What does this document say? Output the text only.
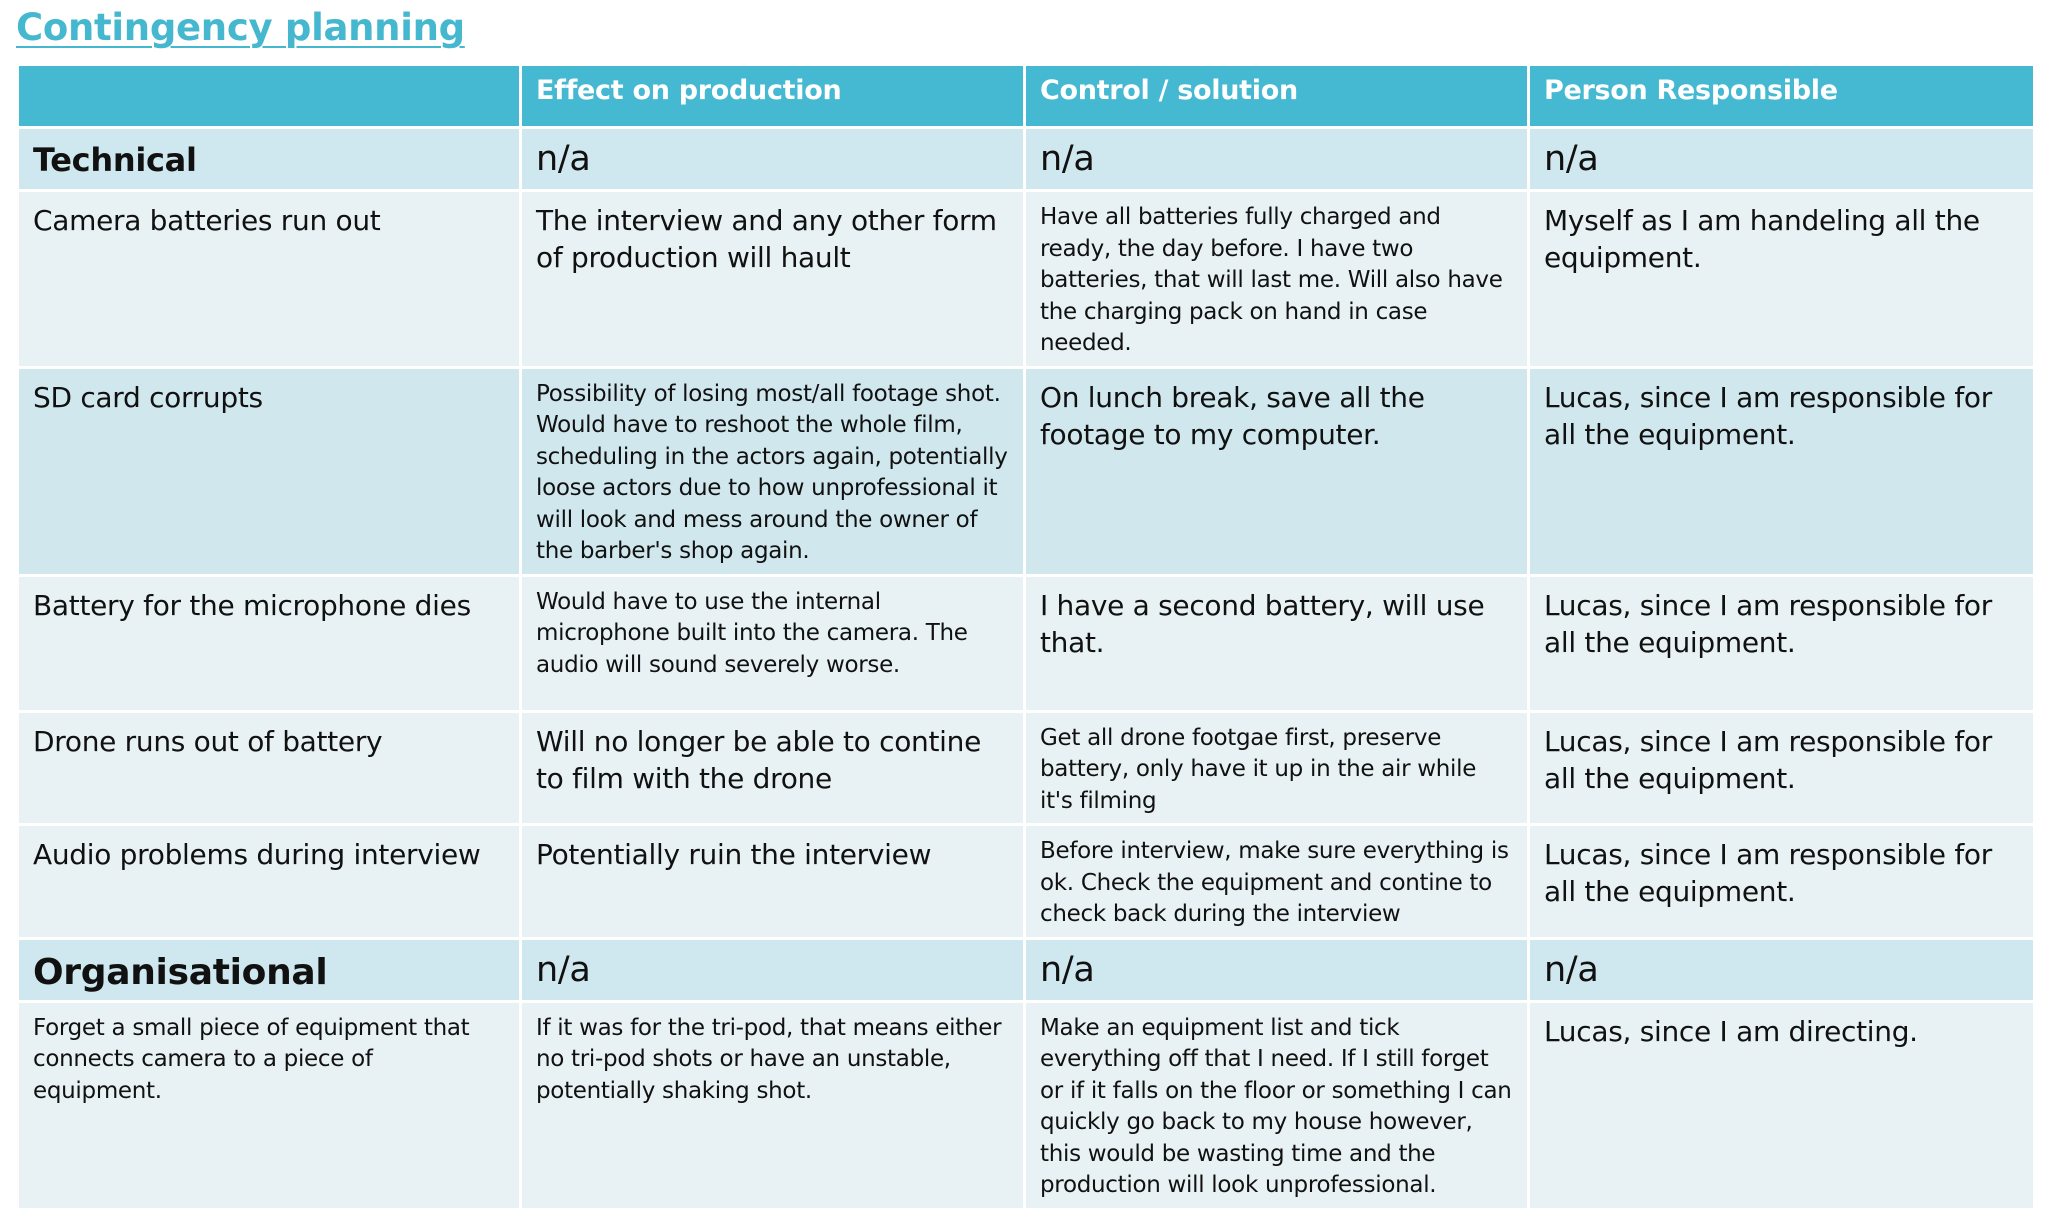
Contingency planning
	Effect on production	Control / solution	Person Responsible
Technical	n/a	n/a	n/a
Camera batteries run out	The interview and any other form of production will hault	Have all batteries fully charged and ready, the day before. I have two batteries, that will last me. Will also have the charging pack on hand in case needed.	Myself as I am handeling all the equipment.
SD card corrupts	Possibility of losing most/all footage shot. Would have to reshoot the whole film, scheduling in the actors again, potentially loose actors due to how unprofessional it will look and mess around the owner of the barber's shop again.	On lunch break, save all the footage to my computer.	Lucas, since I am responsible for all the equipment.
Battery for the microphone dies	Would have to use the internal microphone built into the camera. The audio will sound severely worse.	I have a second battery, will use that.	Lucas, since I am responsible for all the equipment.
Drone runs out of battery	Will no longer be able to contine to film with the drone	Get all drone footgae first, preserve battery, only have it up in the air while it's filming	Lucas, since I am responsible for all the equipment.
Audio problems during interview	Potentially ruin the interview	Before interview, make sure everything is ok. Check the equipment and contine to check back during the interview	Lucas, since I am responsible for all the equipment.
Organisational	n/a	n/a	n/a
Forget a small piece of equipment that connects camera to a piece of equipment.	If it was for the tri-pod, that means either no tri-pod shots or have an unstable, potentially shaking shot.	Make an equipment list and tick everything off that I need. If I still forget or if it falls on the floor or something I can quickly go back to my house however, this would be wasting time and the production will look unprofessional.	Lucas, since I am directing.
